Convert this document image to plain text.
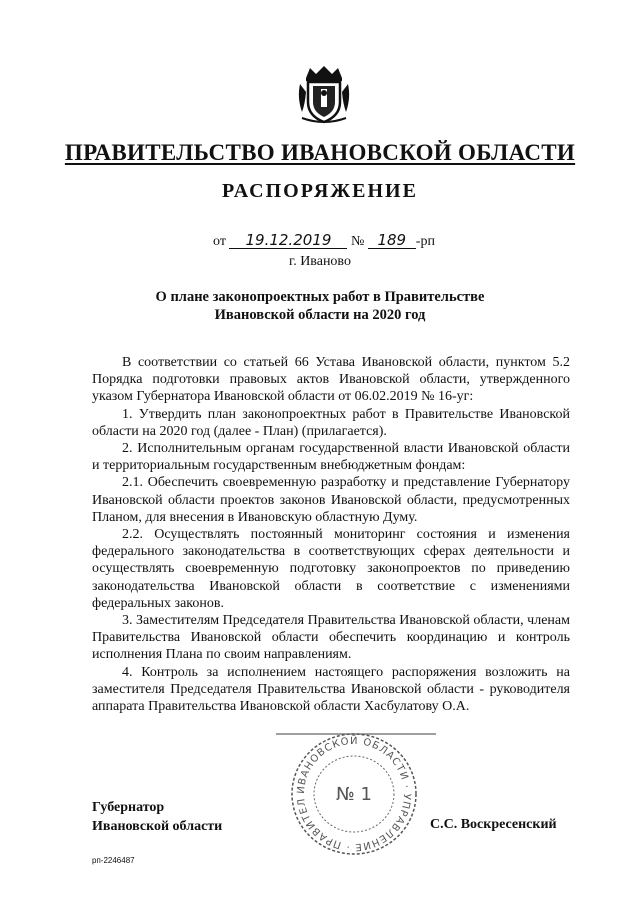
ПРАВИТЕЛЬСТВО ИВАНОВСКОЙ ОБЛАСТИ
РАСПОРЯЖЕНИЕ
от 19.12.2019 № 189 -рп
г. Иваново
О плане законопроектных работ в Правительстве
Ивановской области на 2020 год

В соответствии со статьей 66 Устава Ивановской области, пунктом 5.2 Порядка подготовки правовых актов Ивановской области, утвержденного указом Губернатора Ивановской области от 06.02.2019 № 16-уг:

1. Утвердить план законопроектных работ в Правительстве Ивановской области на 2020 год (далее - План) (прилагается).

2. Исполнительным органам государственной власти Ивановской области и территориальным государственным внебюджетным фондам:

2.1. Обеспечить своевременную разработку и представление Губернатору Ивановской области проектов законов Ивановской области, предусмотренных Планом, для внесения в Ивановскую областную Думу.

2.2. Осуществлять постоянный мониторинг состояния и изменения федерального законодательства в соответствующих сферах деятельности и осуществлять своевременную подготовку законопроектов по приведению законодательства Ивановской области в соответствие с изменениями федеральных законов.

3. Заместителям Председателя Правительства Ивановской области, членам Правительства Ивановской области обеспечить координацию и контроль исполнения Плана по своим направлениям.

4. Контроль за исполнением настоящего распоряжения возложить на заместителя Председателя Правительства Ивановской области - руководителя аппарата Правительства Ивановской области Хасбулатову О.А.

ИВАНОВСКОЙ ОБЛАСТИ · УПРАВЛЕНИЕ · ПРАВИТЕЛ	№ 1
Губернатор
Ивановской области	С.С. Воскресенский
рп-2246487
